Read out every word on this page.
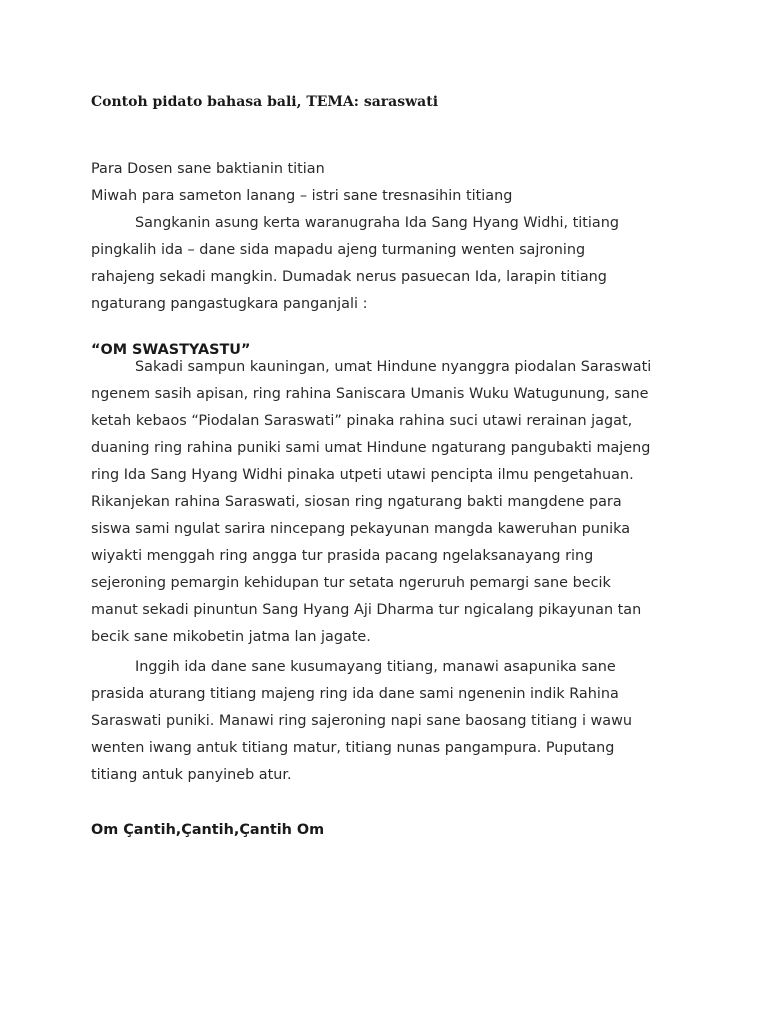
Contoh pidato bahasa bali, TEMA: saraswati

Para Dosen sane baktianin titian

Miwah para sameton lanang – istri sane tresnasihin titiang

Sangkanin asung kerta waranugraha Ida Sang Hyang Widhi, titiang

pingkalih ida – dane sida mapadu ajeng turmaning wenten sajroning

rahajeng sekadi mangkin. Dumadak nerus pasuecan Ida, larapin titiang

ngaturang pangastugkara panganjali :

“OM SWASTYASTU”

Sakadi sampun kauningan, umat Hindune nyanggra piodalan Saraswati

ngenem sasih apisan, ring rahina Saniscara Umanis Wuku Watugunung, sane

ketah kebaos “Piodalan Saraswati” pinaka rahina suci utawi rerainan jagat,

duaning ring rahina puniki sami umat Hindune ngaturang pangubakti majeng

ring Ida Sang Hyang Widhi pinaka utpeti utawi pencipta ilmu pengetahuan.

Rikanjekan rahina Saraswati, siosan ring ngaturang bakti mangdene para

siswa sami ngulat sarira nincepang pekayunan mangda kaweruhan punika

wiyakti menggah ring angga tur prasida pacang ngelaksanayang ring

sejeroning pemargin kehidupan tur setata ngeruruh pemargi sane becik

manut sekadi pinuntun Sang Hyang Aji Dharma tur ngicalang pikayunan tan

becik sane mikobetin jatma lan jagate.

Inggih ida dane sane kusumayang titiang, manawi asapunika sane

prasida aturang titiang majeng ring ida dane sami ngenenin indik Rahina

Saraswati puniki. Manawi ring sajeroning napi sane baosang titiang i wawu

wenten iwang antuk titiang matur, titiang nunas pangampura. Puputang

titiang antuk panyineb atur.

Om Çantih,Çantih,Çantih Om
